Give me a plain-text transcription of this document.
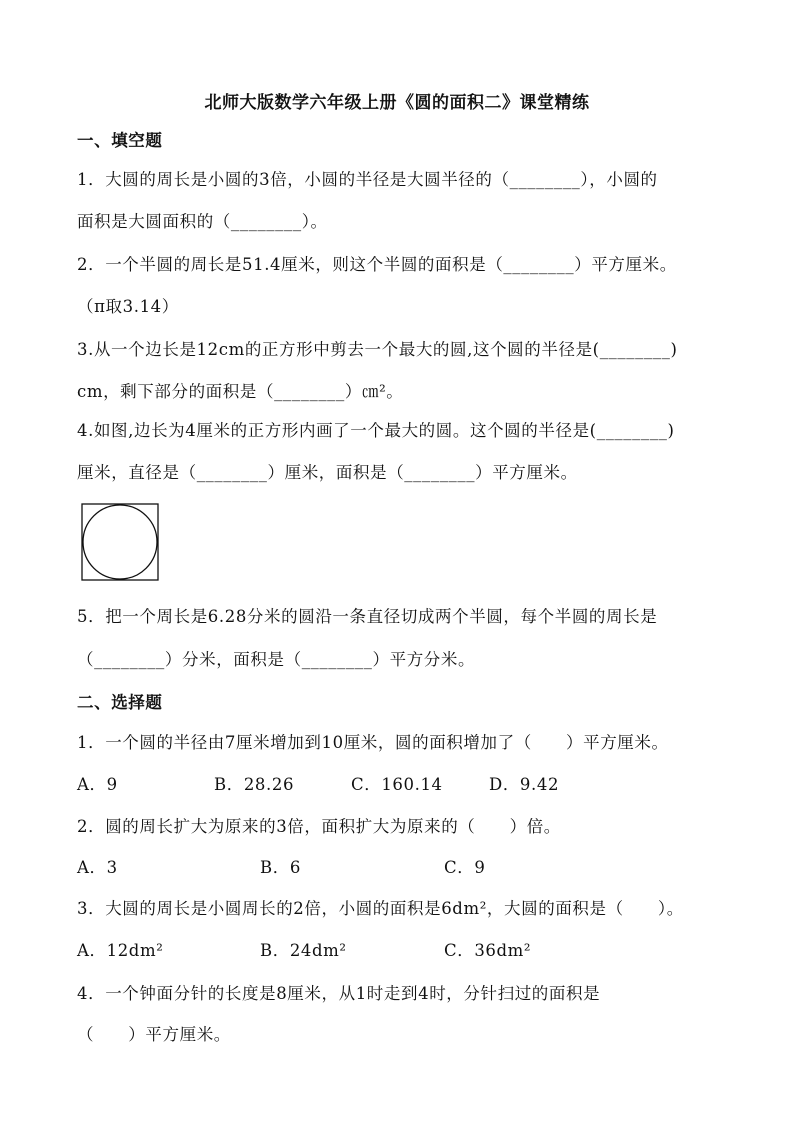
北师大版数学六年级上册《圆的面积二》课堂精练
一、填空题
1．大圆的周长是小圆的3倍，小圆的半径是大圆半径的（________），小圆的
面积是大圆面积的（________）。
2．一个半圆的周长是51.4厘米，则这个半圆的面积是（________）平方厘米。
（π取3.14）
3.从一个边长是12cm的正方形中剪去一个最大的圆,这个圆的半径是(________)
cm，剩下部分的面积是（________）㎝²。
4.如图,边长为4厘米的正方形内画了一个最大的圆。这个圆的半径是(________)
厘米，直径是（________）厘米，面积是（________）平方厘米。
5．把一个周长是6.28分米的圆沿一条直径切成两个半圆，每个半圆的周长是
（________）分米，面积是（________）平方分米。
二、选择题
1．一个圆的半径由7厘米增加到10厘米，圆的面积增加了（　　）平方厘米。
A．9	B．28.26	C．160.14	D．9.42
2．圆的周长扩大为原来的3倍，面积扩大为原来的（　　）倍。
A．3	B．6	C．9
3．大圆的周长是小圆周长的2倍，小圆的面积是6dm²，大圆的面积是（　　）。
A．12dm²	B．24dm²	C．36dm²
4．一个钟面分针的长度是8厘米，从1时走到4时，分针扫过的面积是
（　　）平方厘米。
